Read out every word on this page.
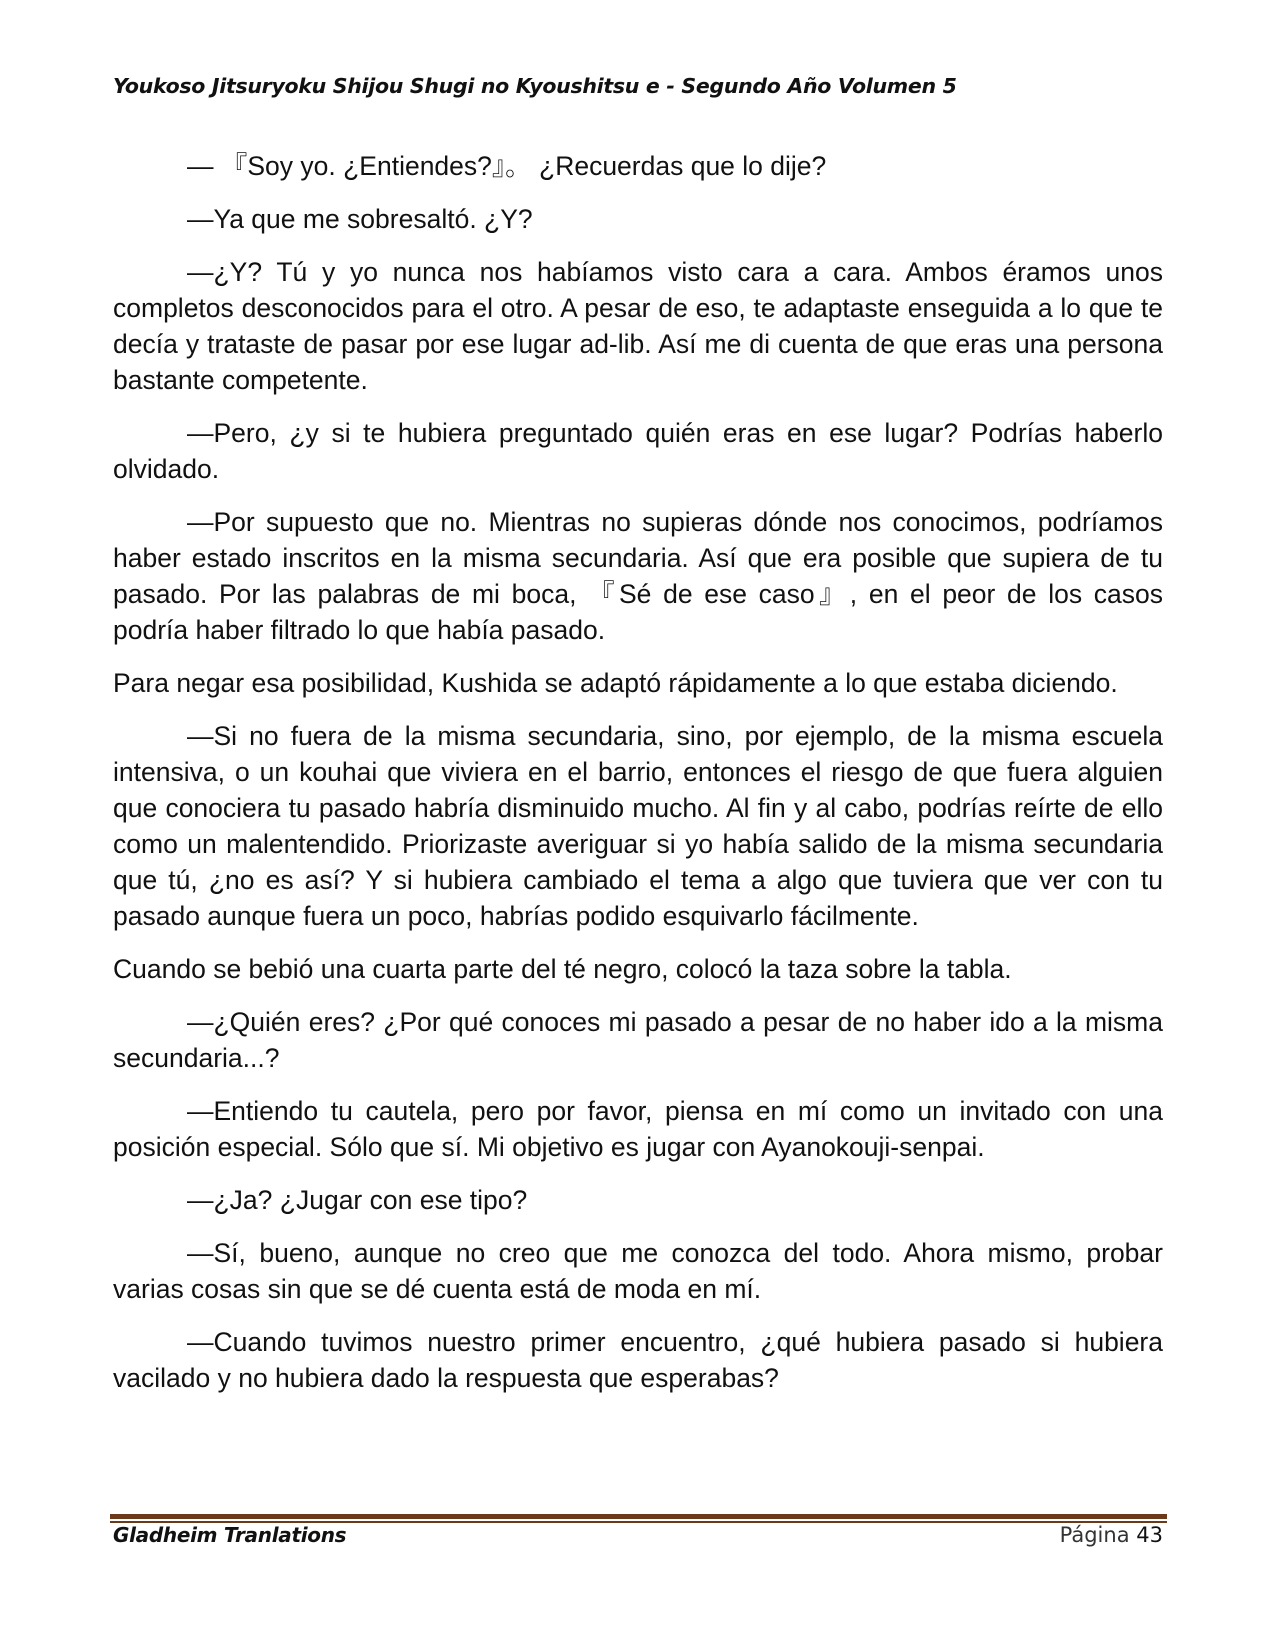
Youkoso Jitsuryoku Shijou Shugi no Kyoushitsu e - Segundo Año Volumen 5

— 『Soy yo. ¿Entiendes?』。 ¿Recuerdas que lo dije?

—Ya que me sobresaltó. ¿Y?

—¿Y? Tú y yo nunca nos habíamos visto cara a cara. Ambos éramos unos completos desconocidos para el otro. A pesar de eso, te adaptaste enseguida a lo que te decía y trataste de pasar por ese lugar ad-lib. Así me di cuenta de que eras una persona bastante competente.

—Pero, ¿y si te hubiera preguntado quién eras en ese lugar? Podrías haberlo olvidado.

—Por supuesto que no. Mientras no supieras dónde nos conocimos, podríamos haber estado inscritos en la misma secundaria. Así que era posible que supiera de tu pasado. Por las palabras de mi boca, 『Sé de ese caso』, en el peor de los casos podría haber filtrado lo que había pasado.

Para negar esa posibilidad, Kushida se adaptó rápidamente a lo que estaba diciendo.

—Si no fuera de la misma secundaria, sino, por ejemplo, de la misma escuela intensiva, o un kouhai que viviera en el barrio, entonces el riesgo de que fuera alguien que conociera tu pasado habría disminuido mucho. Al fin y al cabo, podrías reírte de ello como un malentendido. Priorizaste averiguar si yo había salido de la misma secundaria que tú, ¿no es así? Y si hubiera cambiado el tema a algo que tuviera que ver con tu pasado aunque fuera un poco, habrías podido esquivarlo fácilmente.

Cuando se bebió una cuarta parte del té negro, colocó la taza sobre la tabla.

—¿Quién eres? ¿Por qué conoces mi pasado a pesar de no haber ido a la misma secundaria...?

—Entiendo tu cautela, pero por favor, piensa en mí como un invitado con una posición especial. Sólo que sí. Mi objetivo es jugar con Ayanokouji-senpai.

—¿Ja? ¿Jugar con ese tipo?

—Sí, bueno, aunque no creo que me conozca del todo. Ahora mismo, probar varias cosas sin que se dé cuenta está de moda en mí.

—Cuando tuvimos nuestro primer encuentro, ¿qué hubiera pasado si hubiera vacilado y no hubiera dado la respuesta que esperabas?

Gladheim Tranlations	Página 43
